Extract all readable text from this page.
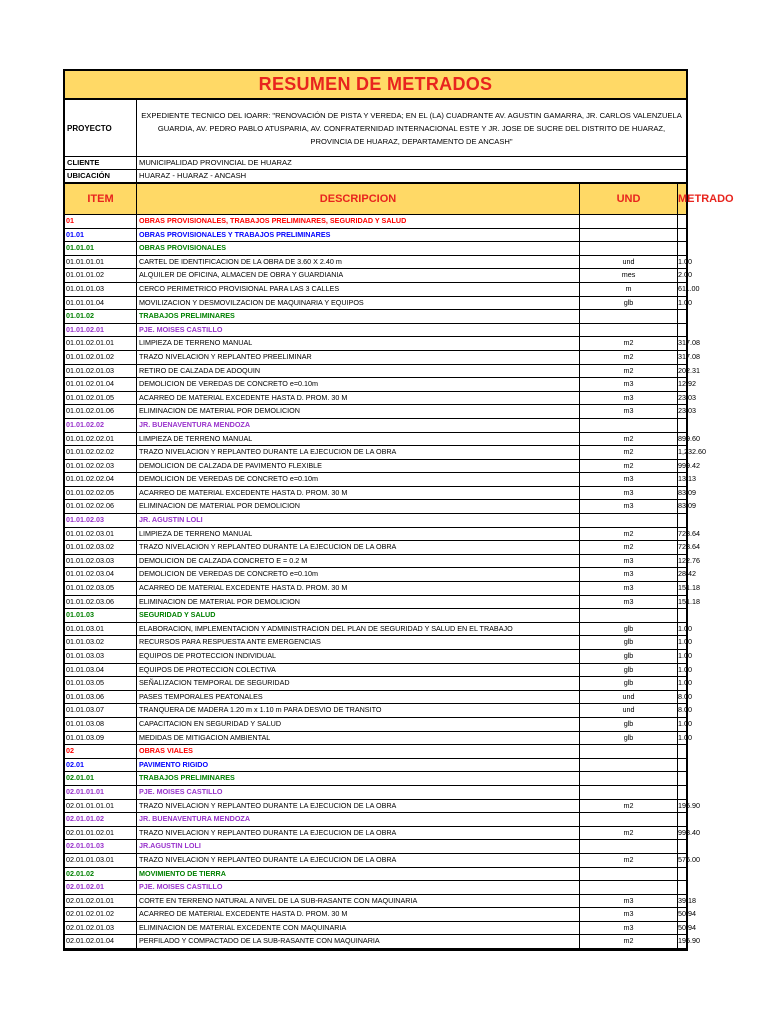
RESUMEN DE METRADOS
PROYECTO
EXPEDIENTE TECNICO DEL IOARR: "RENOVACIÓN DE PISTA Y VEREDA; EN EL (LA) CUADRANTE AV. AGUSTIN GAMARRA, JR. CARLOS VALENZUELA GUARDIA, AV. PEDRO PABLO ATUSPARIA, AV. CONFRATERNIDAD INTERNACIONAL ESTE Y JR. JOSE DE SUCRE DEL DISTRITO DE HUARAZ, PROVINCIA DE HUARAZ, DEPARTAMENTO DE ANCASH"
CLIENTE	MUNICIPALIDAD PROVINCIAL DE HUARAZ
UBICACIÓN	HUARAZ - HUARAZ - ANCASH
ITEM	DESCRIPCION	UND	METRADO
01	OBRAS PROVISIONALES, TRABAJOS PRELIMINARES, SEGURIDAD Y SALUD
01.01	OBRAS PROVISIONALES Y TRABAJOS PRELIMINARES
01.01.01	OBRAS PROVISIONALES
01.01.01.01	CARTEL DE IDENTIFICACION DE LA OBRA DE 3.60 X 2.40 m	und	1.00
01.01.01.02	ALQUILER DE OFICINA, ALMACEN DE OBRA Y GUARDIANIA	mes	2.00
01.01.01.03	CERCO PERIMETRICO PROVISIONAL PARA LAS 3 CALLES	m	611.00
01.01.01.04	MOVILIZACION Y DESMOVILZACION DE MAQUINARIA Y EQUIPOS	glb	1.00
01.01.02	TRABAJOS PRELIMINARES
01.01.02.01	PJE. MOISES CASTILLO
01.01.02.01.01	LIMPIEZA DE TERRENO MANUAL	m2	317.08
01.01.02.01.02	TRAZO NIVELACION Y REPLANTEO PREELIMINAR	m2	317.08
01.01.02.01.03	RETIRO DE CALZADA DE ADOQUIN	m2	202.31
01.01.02.01.04	DEMOLICION DE VEREDAS DE CONCRETO e=0.10m	m3	12.92
01.01.02.01.05	ACARREO DE MATERIAL EXCEDENTE HASTA D. PROM. 30 M	m3	23.03
01.01.02.01.06	ELIMINACION DE MATERIAL POR DEMOLICION	m3	23.03
01.01.02.02	JR. BUENAVENTURA MENDOZA
01.01.02.02.01	LIMPIEZA DE TERRENO MANUAL	m2	899.60
01.01.02.02.02	TRAZO NIVELACION Y REPLANTEO DURANTE LA EJECUCION DE LA OBRA	m2	1,232.60
01.01.02.02.03	DEMOLICION DE CALZADA DE PAVIMENTO FLEXIBLE	m2	999.42
01.01.02.02.04	DEMOLICION DE VEREDAS DE CONCRETO e=0.10m	m3	13.13
01.01.02.02.05	ACARREO DE MATERIAL EXCEDENTE HASTA D. PROM. 30 M	m3	83.09
01.01.02.02.06	ELIMINACION DE MATERIAL POR DEMOLICION	m3	83.09
01.01.02.03	JR. AGUSTIN LOLI
01.01.02.03.01	LIMPIEZA DE TERRENO MANUAL	m2	728.64
01.01.02.03.02	TRAZO NIVELACION Y REPLANTEO DURANTE LA EJECUCION DE LA OBRA	m2	728.64
01.01.02.03.03	DEMOLICION DE CALZADA CONCRETO E = 0.2 M	m3	122.76
01.01.02.03.04	DEMOLICION DE VEREDAS DE CONCRETO e=0.10m	m3	28.42
01.01.02.03.05	ACARREO DE MATERIAL EXCEDENTE HASTA D. PROM. 30 M	m3	151.18
01.01.02.03.06	ELIMINACION DE MATERIAL POR DEMOLICION	m3	151.18
01.01.03	SEGURIDAD Y SALUD
01.01.03.01	ELABORACION, IMPLEMENTACION Y ADMINISTRACION DEL PLAN DE SEGURIDAD Y SALUD EN EL TRABAJO	glb	1.00
01.01.03.02	RECURSOS PARA RESPUESTA ANTE EMERGENCIAS	glb	1.00
01.01.03.03	EQUIPOS DE PROTECCION INDIVIDUAL	glb	1.00
01.01.03.04	EQUIPOS DE PROTECCION COLECTIVA	glb	1.00
01.01.03.05	SEÑALIZACION TEMPORAL DE SEGURIDAD	glb	1.00
01.01.03.06	PASES TEMPORALES PEATONALES	und	8.00
01.01.03.07	TRANQUERA DE MADERA 1.20 m x 1.10 m PARA DESVIO DE TRANSITO	und	8.00
01.01.03.08	CAPACITACION EN SEGURIDAD Y SALUD	glb	1.00
01.01.03.09	MEDIDAS DE MITIGACION AMBIENTAL	glb	1.00
02	OBRAS VIALES
02.01	PAVIMENTO RIGIDO
02.01.01	TRABAJOS PRELIMINARES
02.01.01.01	PJE. MOISES CASTILLO
02.01.01.01.01	TRAZO NIVELACION Y REPLANTEO DURANTE LA EJECUCION DE LA OBRA	m2	195.90
02.01.01.02	JR. BUENAVENTURA MENDOZA
02.01.01.02.01	TRAZO NIVELACION Y REPLANTEO DURANTE LA EJECUCION DE LA OBRA	m2	998.40
02.01.01.03	JR.AGUSTIN LOLI
02.01.01.03.01	TRAZO NIVELACION Y REPLANTEO DURANTE LA EJECUCION DE LA OBRA	m2	576.00
02.01.02	MOVIMIENTO DE TIERRA
02.01.02.01	PJE. MOISES CASTILLO
02.01.02.01.01	CORTE EN TERRENO NATURAL A NIVEL DE LA SUB-RASANTE CON MAQUINARIA	m3	39.18
02.01.02.01.02	ACARREO DE MATERIAL EXCEDENTE HASTA D. PROM. 30 M	m3	50.94
02.01.02.01.03	ELIMINACION DE MATERIAL EXCEDENTE CON MAQUINARIA	m3	50.94
02.01.02.01.04	PERFILADO Y COMPACTADO DE LA SUB-RASANTE CON MAQUINARIA	m2	195.90
